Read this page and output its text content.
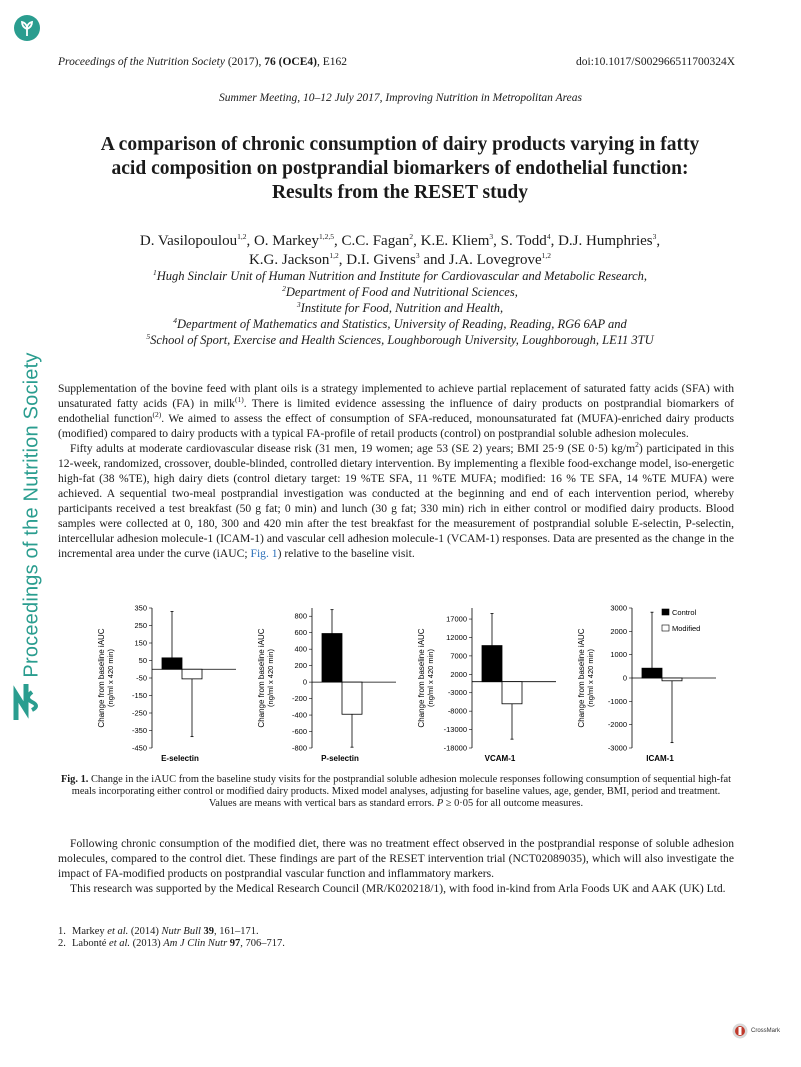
Proceedings of the Nutrition Society
Proceedings of the Nutrition Society (2017), 76 (OCE4), E162	doi:10.1017/S002966511700324X
Summer Meeting, 10–12 July 2017, Improving Nutrition in Metropolitan Areas
A comparison of chronic consumption of dairy products varying in fatty
acid composition on postprandial biomarkers of endothelial function:
Results from the RESET study
D. Vasilopoulou$^{1,2}$, O. Markey$^{1,2,5}$, C.C. Fagan$^2$, K.E. Kliem$^3$, S. Todd$^4$, D.J. Humphries$^3$,
K.G. Jackson$^{1,2}$, D.I. Givens$^3$ and J.A. Lovegrove$^{1,2}$
$^1$Hugh Sinclair Unit of Human Nutrition and Institute for Cardiovascular and Metabolic Research,
$^2$Department of Food and Nutritional Sciences,
$^3$Institute for Food, Nutrition and Health,
$^4$Department of Mathematics and Statistics, University of Reading, Reading, RG6 6AP and
$^5$School of Sport, Exercise and Health Sciences, Loughborough University, Loughborough, LE11 3TU

Supplementation of the bovine feed with plant oils is a strategy implemented to achieve partial replacement of saturated fatty acids (SFA) with unsaturated fatty acids (FA) in milk$^{(1)}$. There is limited evidence assessing the influence of dairy products on postprandial biomarkers of endothelial function$^{(2)}$. We aimed to assess the effect of consumption of SFA-reduced, monounsaturated fat (MUFA)-enriched dairy products (modified) compared to dairy products with a typical FA-profile of retail products (control) on postprandial soluble adhesion molecules.

Fifty adults at moderate cardiovascular disease risk (31 men, 19 women; age 53 (SE 2) years; BMI 25·9 (SE 0·5) $kg/m^2$) participated in this 12-week, randomized, crossover, double-blinded, controlled dietary intervention. By implementing a flexible food-exchange model, iso-energetic high-fat (38 %TE), high dairy diets (control dietary target: 19 %TE SFA, 11 %TE MUFA; modified: 16 % TE SFA, 14 %TE MUFA) were achieved. A sequential two-meal postprandial investigation was conducted at the beginning and end of each intervention period, whereby participants received a test breakfast (50 g fat; 0 min) and lunch (30 g fat; 330 min) rich in either control or modified dairy products. Blood samples were collected at 0, 180, 300 and 420 min after the test breakfast for the measurement of postprandial soluble E-selectin, P-selectin, intercellular adhesion molecule-1 (ICAM-1) and vascular cell adhesion molecule-1 (VCAM-1) responses. Data are presented as the change in the incremental area under the curve (iAUC; Fig. 1) relative to the baseline visit.

Change from baseline iAUC (ng/ml x 420 min)
350
250
150
50
-50
-150
-250
-350
-450
E-selectin
Change from baseline iAUC (ng/ml x 420 min)
800
600
400
200
0
-200
-400
-600
-800
P-selectin
Change from baseline iAUC (ng/ml x 420 min)
17000
12000
7000
2000
-3000
-8000
-13000
-18000
VCAM-1
Change from baseline iAUC (ng/ml x 420 min)
3000
2000
1000
0
-1000
-2000
-3000
ICAM-1
Control
Modified
Fig. 1. Change in the iAUC from the baseline study visits for the postprandial soluble adhesion molecule responses following consumption of sequential high-fat meals incorporating either control or modified dairy products. Mixed model analyses, adjusting for baseline values, age, gender, BMI, period and treatment. Values are means with vertical bars as standard errors. P ≥ 0·05 for all outcome measures.

Following chronic consumption of the modified diet, there was no treatment effect observed in the postprandial response of soluble adhesion molecules, compared to the control diet. These findings are part of the RESET intervention trial (NCT02089035), which will also investigate the impact of FA-modified products on postprandial vascular function and inflammatory markers.

This research was supported by the Medical Research Council (MR/K020218/1), with food in-kind from Arla Foods UK and AAK (UK) Ltd.

1. Markey et al. (2014) Nutr Bull 39, 161–171.
2. Labonté et al. (2013) Am J Clin Nutr 97, 706–717.
CrossMark
